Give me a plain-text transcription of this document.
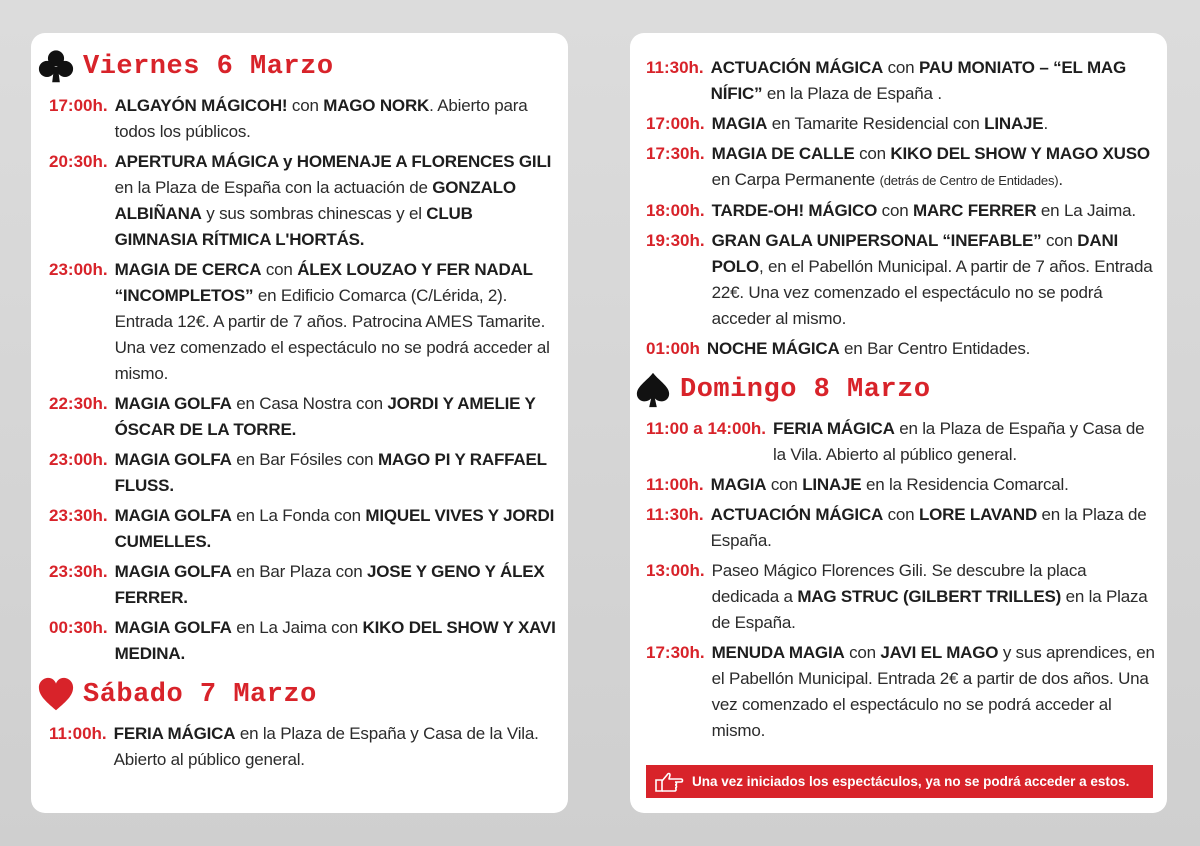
Viernes 6 Marzo
17:00h. ALGAYÓN MÁGICOH! con MAGO NORK. Abierto para todos los públicos.
20:30h. APERTURA MÁGICA y HOMENAJE A FLORENCES GILI en la Plaza de España con la actuación de GONZALO ALBIÑANA y sus sombras chinescas y el CLUB GIMNASIA RÍTMICA L'HORTÁS.
23:00h. MAGIA DE CERCA con ÁLEX LOUZAO Y FER NADAL “INCOMPLETOS” en Edificio Comarca (C/Lérida, 2). Entrada 12€. A partir de 7 años. Patrocina AMES Tamarite. Una vez comenzado el espectáculo no se podrá acceder al mismo.
22:30h. MAGIA GOLFA en Casa Nostra con JORDI Y AMELIE Y ÓSCAR DE LA TORRE.
23:00h. MAGIA GOLFA en Bar Fósiles con MAGO PI Y RAFFAEL FLUSS.
23:30h. MAGIA GOLFA en La Fonda con MIQUEL VIVES Y JORDI CUMELLES.
23:30h. MAGIA GOLFA en Bar Plaza con JOSE Y GENO Y ÁLEX FERRER.
00:30h. MAGIA GOLFA en La Jaima con KIKO DEL SHOW Y XAVI MEDINA.
Sábado 7 Marzo
11:00h. FERIA MÁGICA en la Plaza de España y Casa de la Vila. Abierto al público general.
11:30h. ACTUACIÓN MÁGICA con PAU MONIATO – “EL MAG NÍFIC” en la Plaza de España .
17:00h. MAGIA en Tamarite Residencial con LINAJE.
17:30h. MAGIA DE CALLE con KIKO DEL SHOW Y MAGO XUSO en Carpa Permanente (detrás de Centro de Entidades).
18:00h. TARDE-OH! MÁGICO con MARC FERRER en La Jaima.
19:30h. GRAN GALA UNIPERSONAL “INEFABLE” con DANI POLO, en el Pabellón Municipal. A partir de 7 años. Entrada 22€. Una vez comenzado el espectáculo no se podrá acceder al mismo.
01:00h NOCHE MÁGICA en Bar Centro Entidades.
Domingo 8 Marzo
11:00 a 14:00h. FERIA MÁGICA en la Plaza de España y Casa de la Vila. Abierto al público general.
11:00h. MAGIA con LINAJE en la Residencia Comarcal.
11:30h. ACTUACIÓN MÁGICA con LORE LAVAND en la Plaza de España.
13:00h. Paseo Mágico Florences Gili. Se descubre la placa dedicada a MAG STRUC (GILBERT TRILLES) en la Plaza de España.
17:30h. MENUDA MAGIA con JAVI EL MAGO y sus aprendices, en el Pabellón Municipal. Entrada 2€ a partir de dos años. Una vez comenzado el espectáculo no se podrá acceder al mismo.
Una vez iniciados los espectáculos, ya no se podrá acceder a estos.
